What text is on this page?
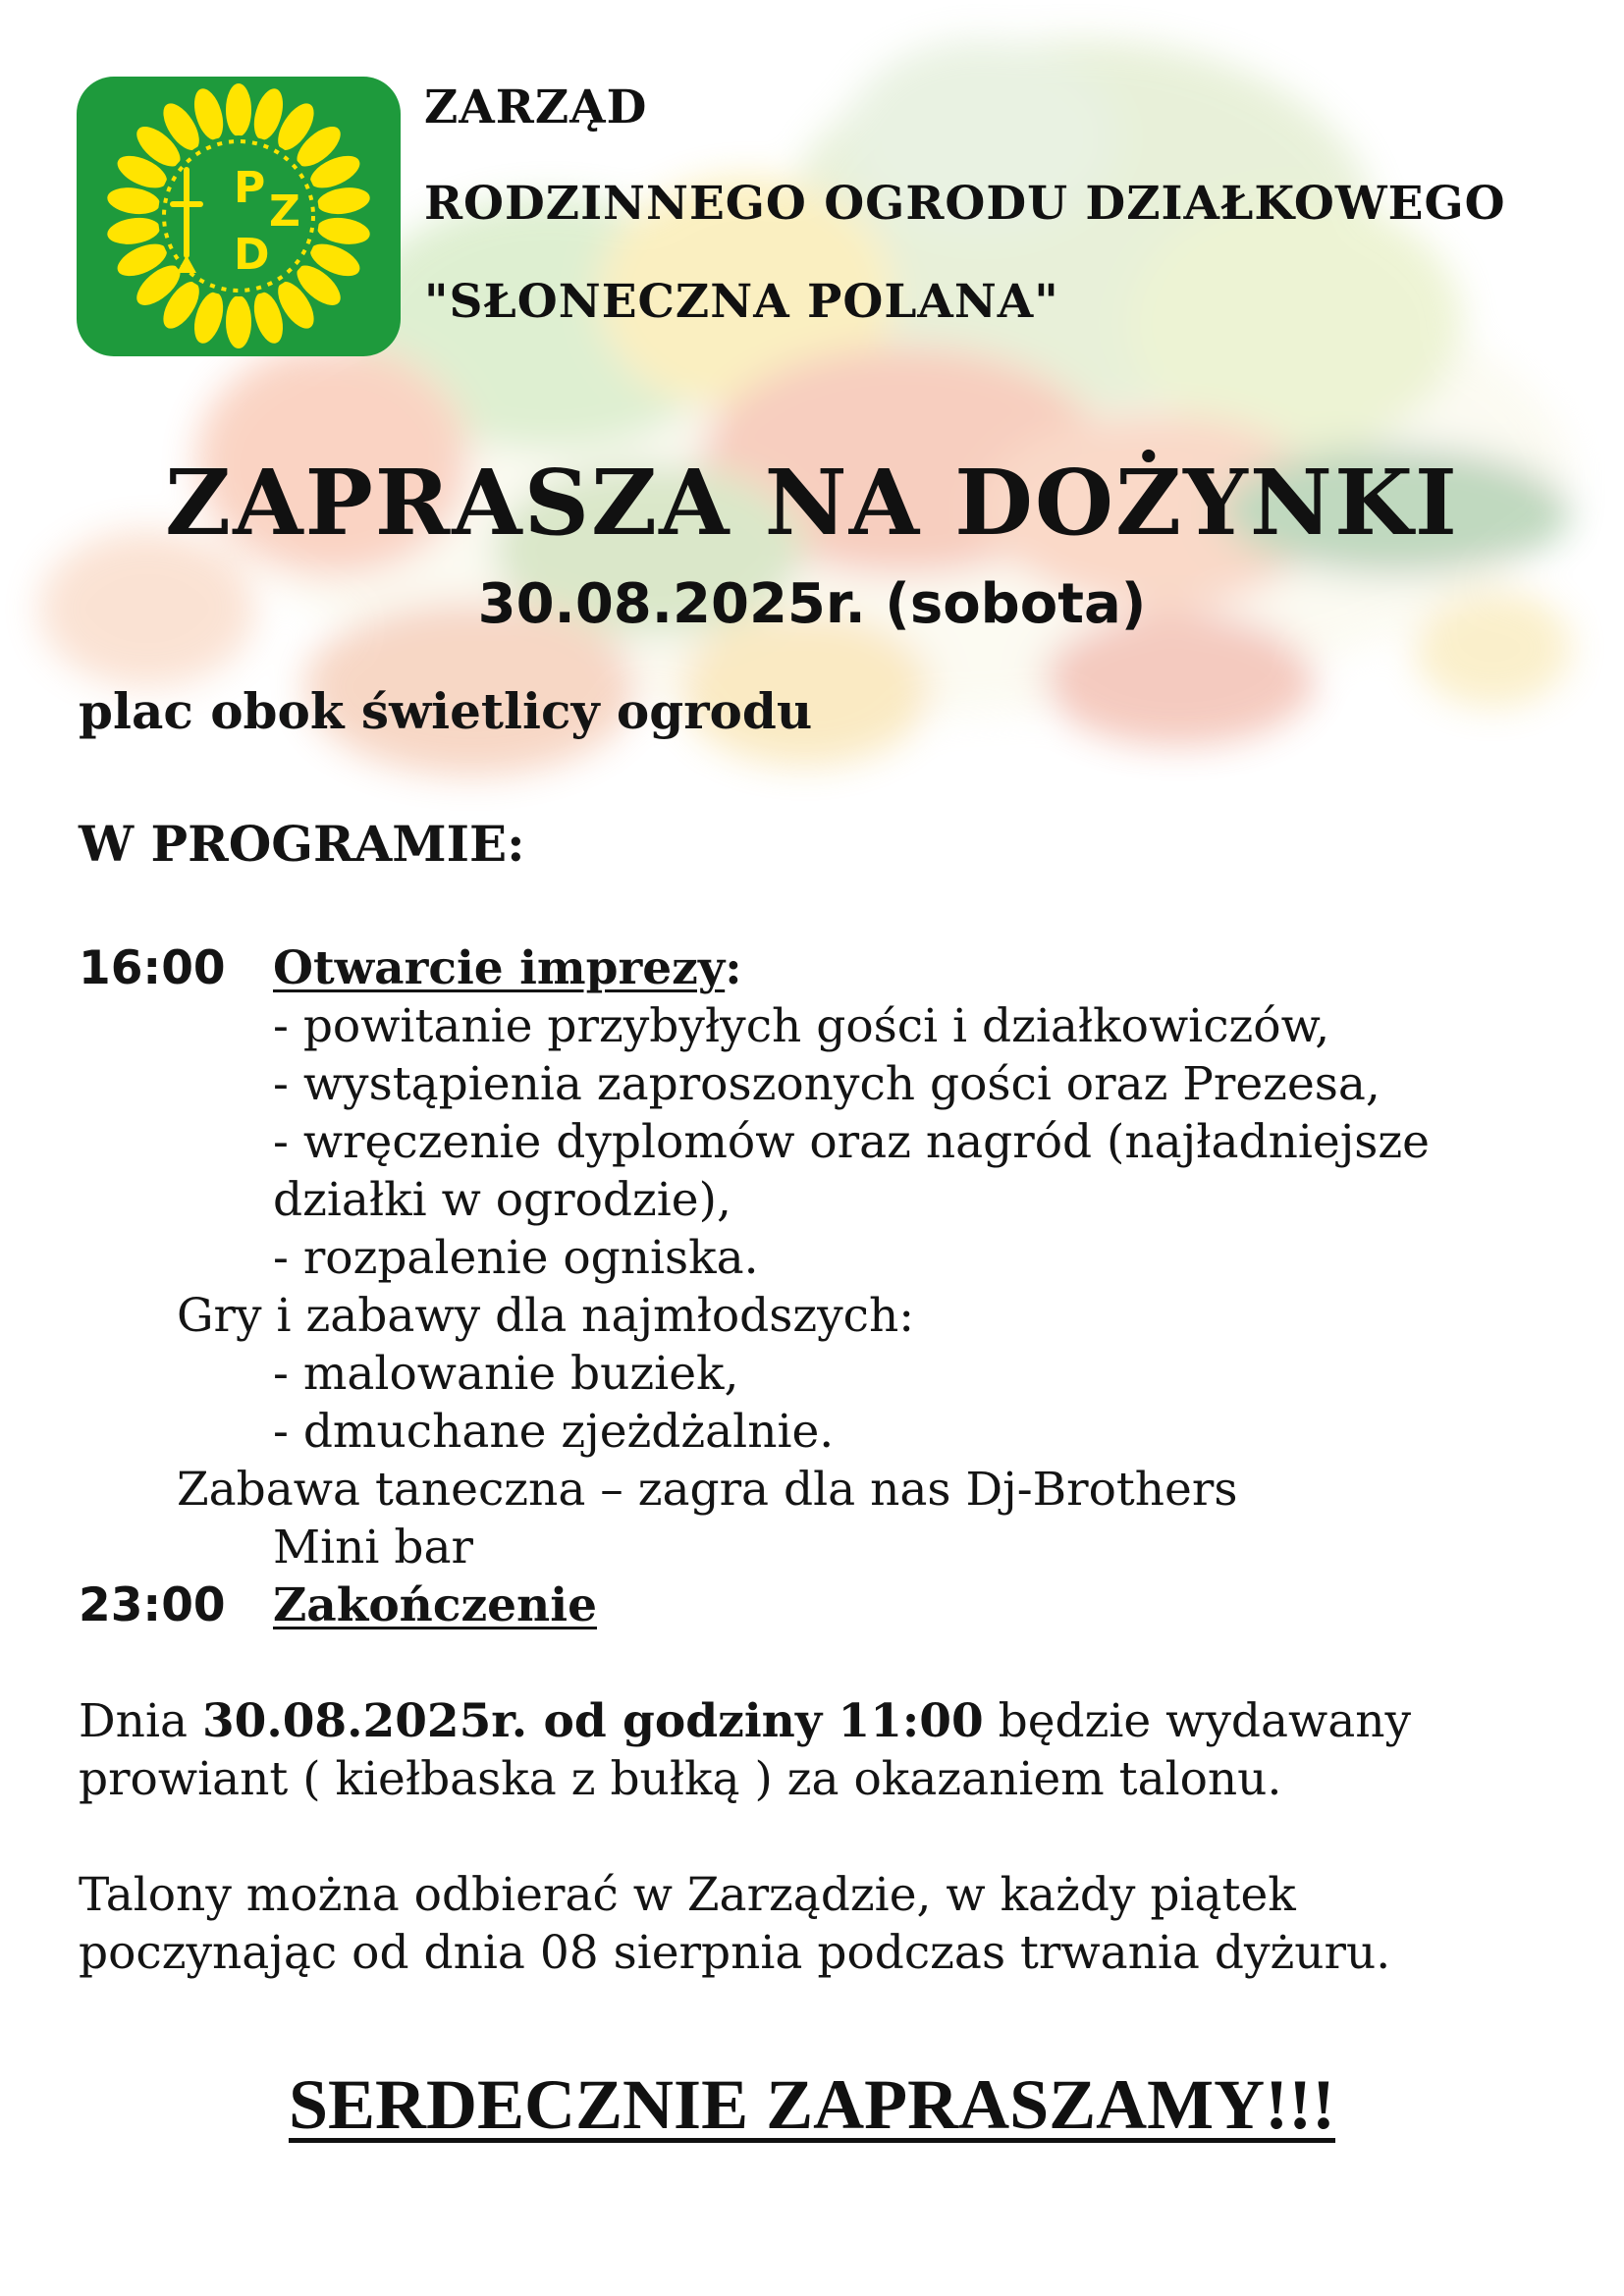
P Z
D
ZARZĄD
RODZINNEGO OGRODU DZIAŁKOWEGO
"SŁONECZNA POLANA"
ZAPRASZA NA DOŻYNKI
30.08.2025r. (sobota)
plac obok świetlicy ogrodu
W PROGRAMIE:
16:00 Otwarcie imprezy:
- powitanie przybyłych gości i działkowiczów,
- wystąpienia zaproszonych gości oraz Prezesa,
- wręczenie dyplomów oraz nagród (najładniejsze
działki w ogrodzie),
- rozpalenie ogniska.
Gry i zabawy dla najmłodszych:
- malowanie buziek,
- dmuchane zjeżdżalnie.
Zabawa taneczna – zagra dla nas Dj-Brothers
Mini bar
23:00 Zakończenie
Dnia 30.08.2025r. od godziny 11:00 będzie wydawany
prowiant ( kiełbaska z bułką ) za okazaniem talonu.
Talony można odbierać w Zarządzie, w każdy piątek
poczynając od dnia 08 sierpnia podczas trwania dyżuru.
SERDECZNIE ZAPRASZAMY!!!
